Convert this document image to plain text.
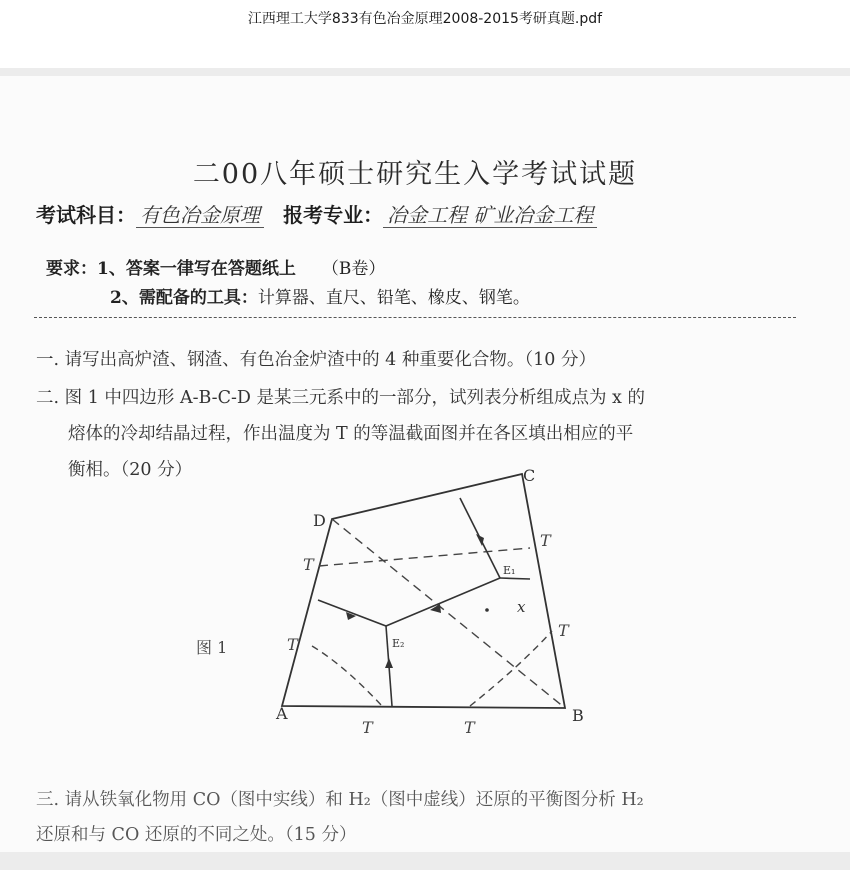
江西理工大学833有色冶金原理2008-2015考研真题.pdf
二00八年硕士研究生入学考试试题
考试科目： 有色冶金原理 报考专业： 冶金工程 矿业冶金工程
要求：1、答案一律写在答题纸上 （B卷）
2、需配备的工具：计算器、直尺、铅笔、橡皮、钢笔。
一. 请写出高炉渣、钢渣、有色冶金炉渣中的 4 种重要化合物。（10 分）
二. 图 1 中四边形 A-B-C-D 是某三元系中的一部分，试列表分析组成点为 x 的
熔体的冷却结晶过程，作出温度为 T 的等温截面图并在各区填出相应的平
衡相。（20 分）
图 1
A	B
C
D
E₁
E₂
x
T
T
T
T
T	T
三. 请从铁氧化物用 CO（图中实线）和 H₂（图中虚线）还原的平衡图分析 H₂
还原和与 CO 还原的不同之处。（15 分）
